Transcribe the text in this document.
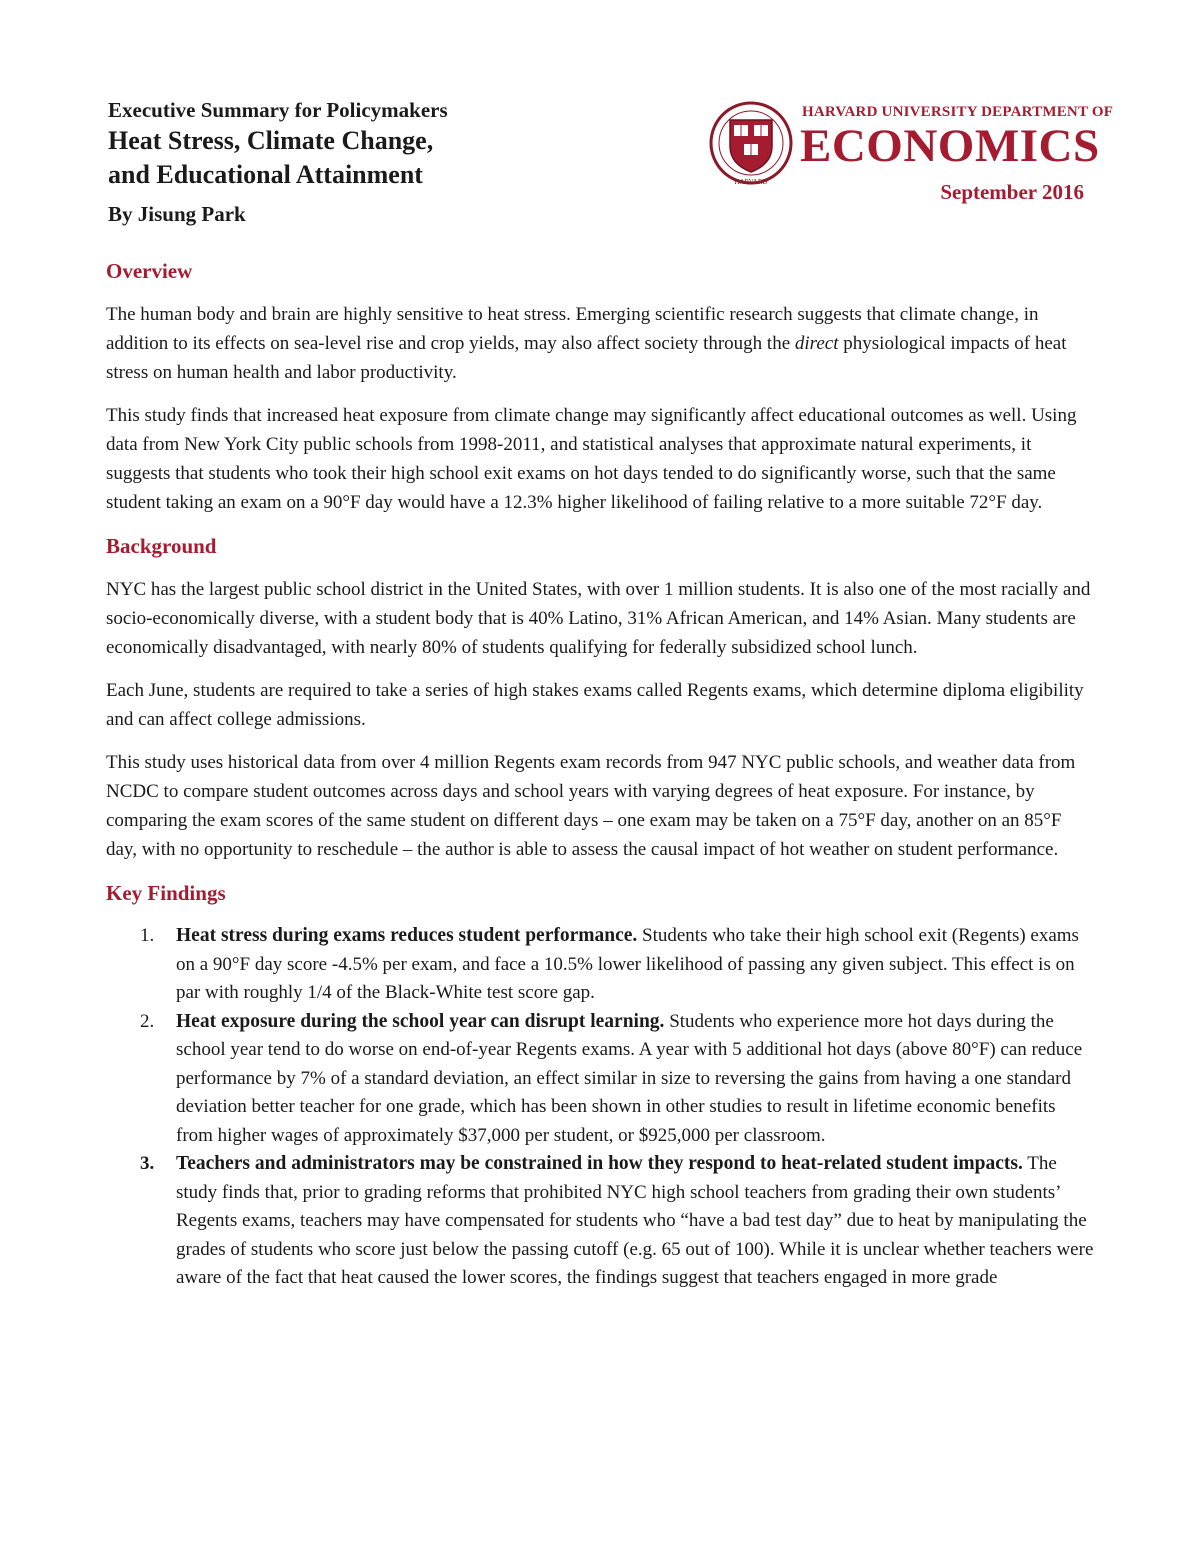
Executive Summary for Policymakers
Heat Stress, Climate Change,
and Educational Attainment
By Jisung Park
HARVARD
HARVARD UNIVERSITY DEPARTMENT OF
ECONOMICS
September 2016
Overview

The human body and brain are highly sensitive to heat stress. Emerging scientific research suggests that climate change, in addition to its effects on sea-level rise and crop yields, may also affect society through the direct physiological impacts of heat stress on human health and labor productivity.

This study finds that increased heat exposure from climate change may significantly affect educational outcomes as well. Using data from New York City public schools from 1998-2011, and statistical analyses that approximate natural experiments, it suggests that students who took their high school exit exams on hot days tended to do significantly worse, such that the same student taking an exam on a 90°F day would have a 12.3% higher likelihood of failing relative to a more suitable 72°F day.

Background

NYC has the largest public school district in the United States, with over 1 million students. It is also one of the most racially and socio-economically diverse, with a student body that is 40% Latino, 31% African American, and 14% Asian. Many students are economically disadvantaged, with nearly 80% of students qualifying for federally subsidized school lunch.

Each June, students are required to take a series of high stakes exams called Regents exams, which determine diploma eligibility and can affect college admissions.

This study uses historical data from over 4 million Regents exam records from 947 NYC public schools, and weather data from NCDC to compare student outcomes across days and school years with varying degrees of heat exposure. For instance, by comparing the exam scores of the same student on different days – one exam may be taken on a 75°F day, another on an 85°F day, with no opportunity to reschedule – the author is able to assess the causal impact of hot weather on student performance.

Key Findings
1. Heat stress during exams reduces student performance. Students who take their high school exit (Regents) exams on a 90°F day score -4.5% per exam, and face a 10.5% lower likelihood of passing any given subject. This effect is on par with roughly 1/4 of the Black-White test score gap.
2. Heat exposure during the school year can disrupt learning. Students who experience more hot days during the school year tend to do worse on end-of-year Regents exams. A year with 5 additional hot days (above 80°F) can reduce performance by 7% of a standard deviation, an effect similar in size to reversing the gains from having a one standard deviation better teacher for one grade, which has been shown in other studies to result in lifetime economic benefits from higher wages of approximately $37,000 per student, or $925,000 per classroom.
3. Teachers and administrators may be constrained in how they respond to heat-related student impacts. The study finds that, prior to grading reforms that prohibited NYC high school teachers from grading their own students’ Regents exams, teachers may have compensated for students who “have a bad test day” due to heat by manipulating the grades of students who score just below the passing cutoff (e.g. 65 out of 100). While it is unclear whether teachers were aware of the fact that heat caused the lower scores, the findings suggest that teachers engaged in more grade
